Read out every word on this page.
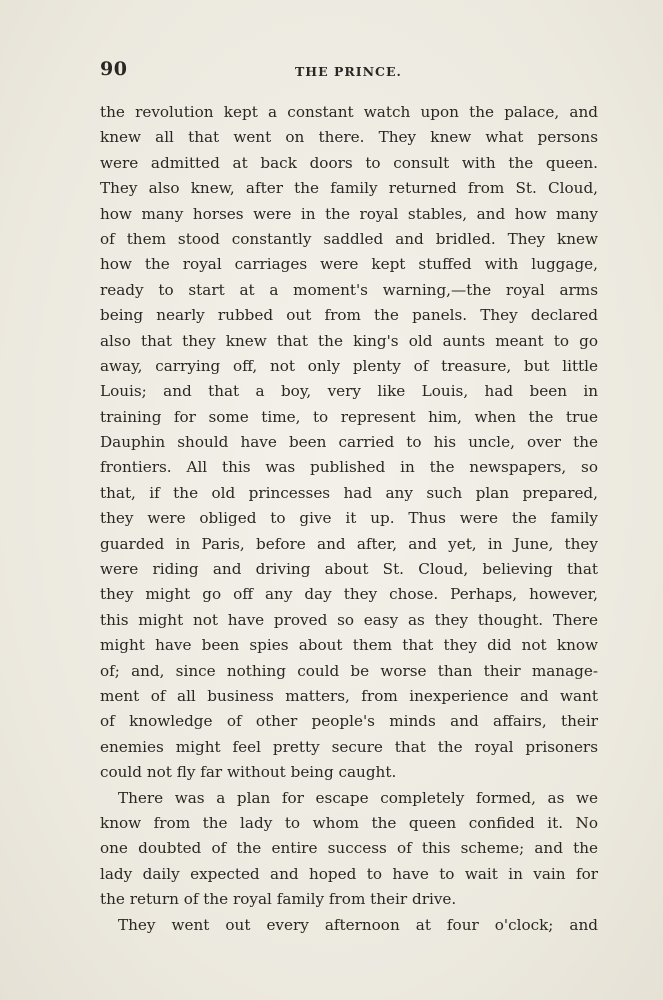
90	THE PRINCE.
the revolution kept a constant watch upon the palace, and
knew all that went on there. They knew what persons
were admitted at back doors to consult with the queen.
They also knew, after the family returned from St. Cloud,
how many horses were in the royal stables, and how many
of them stood constantly saddled and bridled. They knew
how the royal carriages were kept stuffed with luggage,
ready to start at a moment's warning,—the royal arms
being nearly rubbed out from the panels. They declared
also that they knew that the king's old aunts meant to go
away, carrying off, not only plenty of treasure, but little
Louis; and that a boy, very like Louis, had been in
training for some time, to represent him, when the true
Dauphin should have been carried to his uncle, over the
frontiers. All this was published in the newspapers, so
that, if the old princesses had any such plan prepared,
they were obliged to give it up. Thus were the family
guarded in Paris, before and after, and yet, in June, they
were riding and driving about St. Cloud, believing that
they might go off any day they chose. Perhaps, however,
this might not have proved so easy as they thought. There
might have been spies about them that they did not know
of; and, since nothing could be worse than their manage-
ment of all business matters, from inexperience and want
of knowledge of other people's minds and affairs, their
enemies might feel pretty secure that the royal prisoners
could not fly far without being caught.
There was a plan for escape completely formed, as we
know from the lady to whom the queen confided it. No
one doubted of the entire success of this scheme; and the
lady daily expected and hoped to have to wait in vain for
the return of the royal family from their drive.
They went out every afternoon at four o'clock; and
